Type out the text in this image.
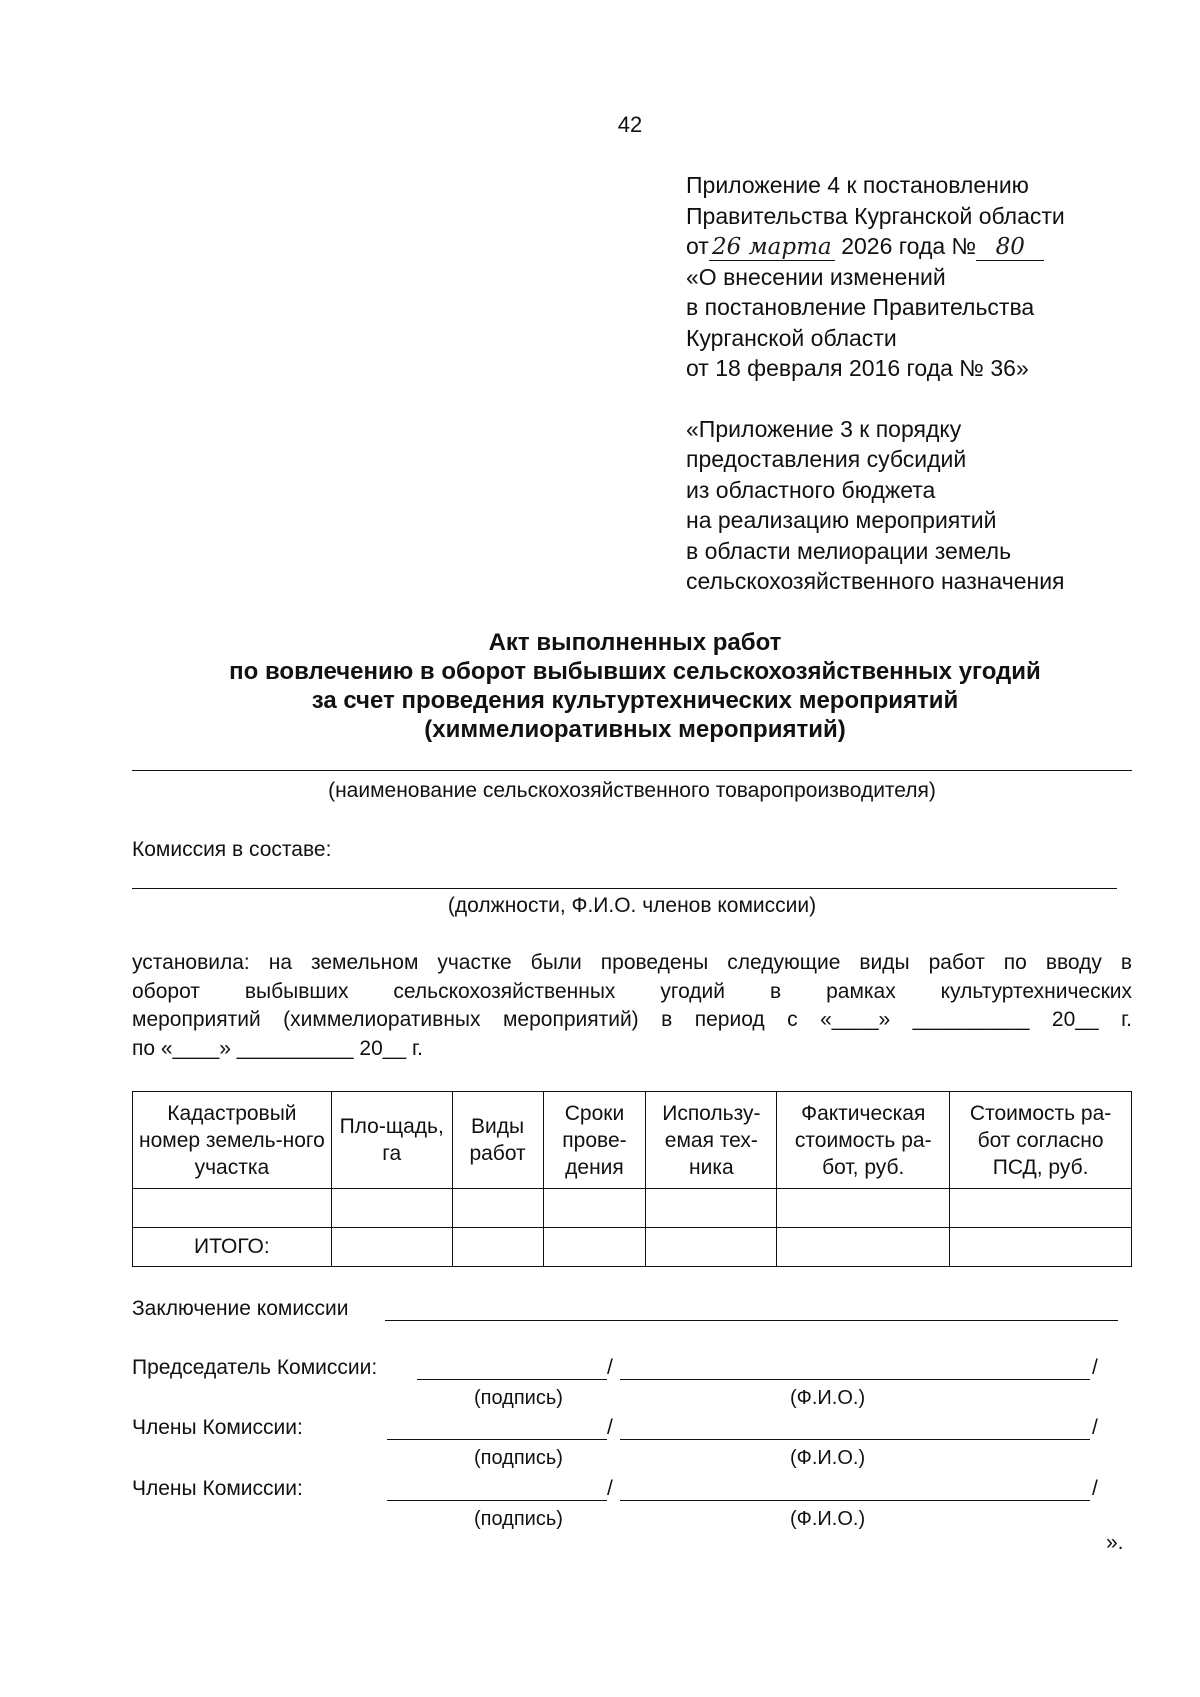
42
Приложение 4 к постановлению
Правительства Курганской области
от 26 марта 2026 года № 80
«О внесении изменений
в постановление Правительства
Курганской области
от 18 февраля 2016 года № 36»
«Приложение 3 к порядку
предоставления субсидий
из областного бюджета
на реализацию мероприятий
в области мелиорации земель
сельскохозяйственного назначения
Акт выполненных работ
по вовлечению в оборот выбывших сельскохозяйственных угодий
за счет проведения культуртехнических мероприятий
(химмелиоративных мероприятий)
(наименование сельскохозяйственного товаропроизводителя)
Комиссия в составе:
(должности, Ф.И.О. членов комиссии)
установила: на земельном участке были проведены следующие виды работ по вводу в
оборот выбывших сельскохозяйственных угодий в рамках культуртехнических
мероприятий (химмелиоративных мероприятий) в период с «____» __________ 20__ г.
по «____» __________ 20__ г.
Кадастровый номер земель-ного участка	Пло-щадь, га	Виды работ	Сроки прове-дения	Использу-емая тех-ника	Фактическая стоимость ра-бот, руб.	Стоимость ра-бот согласно ПСД, руб.

ИТОГО:						
Заключение комиссии
Председатель Комиссии:	/	/
(подпись)	(Ф.И.О.)
Члены Комиссии:	/	/
(подпись)	(Ф.И.О.)
Члены Комиссии:	/	/
(подпись)	(Ф.И.О.)
».
